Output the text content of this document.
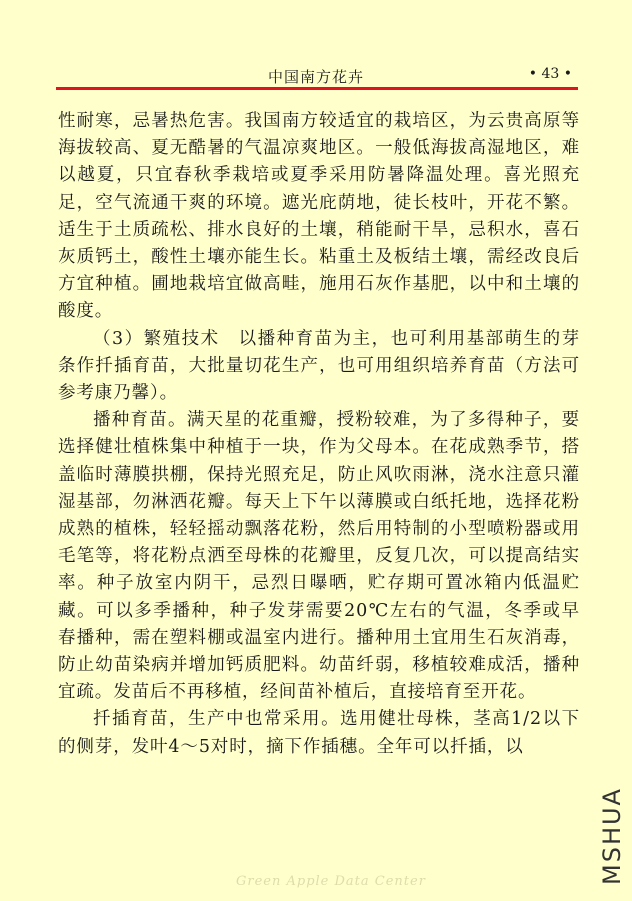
中国南方花卉	• 43 •

性耐寒，忌暑热危害。我国南方较适宜的栽培区，为云贵高原等海拔较高、夏无酷暑的气温凉爽地区。一般低海拔高湿地区，难以越夏，只宜春秋季栽培或夏季采用防暑降温处理。喜光照充足，空气流通干爽的环境。遮光庇荫地，徒长枝叶，开花不繁。适生于土质疏松、排水良好的土壤，稍能耐干旱，忌积水，喜石灰质钙土，酸性土壤亦能生长。粘重土及板结土壤，需经改良后方宜种植。圃地栽培宜做高畦，施用石灰作基肥，以中和土壤的酸度。

（3）繁殖技术　以播种育苗为主，也可利用基部萌生的芽条作扦插育苗，大批量切花生产，也可用组织培养育苗（方法可参考康乃馨）。

播种育苗。满天星的花重瓣，授粉较难，为了多得种子，要选择健壮植株集中种植于一块，作为父母本。在花成熟季节，搭盖临时薄膜拱棚，保持光照充足，防止风吹雨淋，浇水注意只灌湿基部，勿淋洒花瓣。每天上下午以薄膜或白纸托地，选择花粉成熟的植株，轻轻摇动飘落花粉，然后用特制的小型喷粉器或用毛笔等，将花粉点洒至母株的花瓣里，反复几次，可以提高结实率。种子放室内阴干，忌烈日曝晒，贮存期可置冰箱内低温贮藏。可以多季播种，种子发芽需要20℃左右的气温，冬季或早春播种，需在塑料棚或温室内进行。播种用土宜用生石灰消毒，防止幼苗染病并增加钙质肥料。幼苗纤弱，移植较难成活，播种宜疏。发苗后不再移植，经间苗补植后，直接培育至开花。

扦插育苗，生产中也常采用。选用健壮母株，茎高1/2以下的侧芽，发叶4～5对时，摘下作插穗。全年可以扦插，以

Green Apple Data Center	MSHUA
